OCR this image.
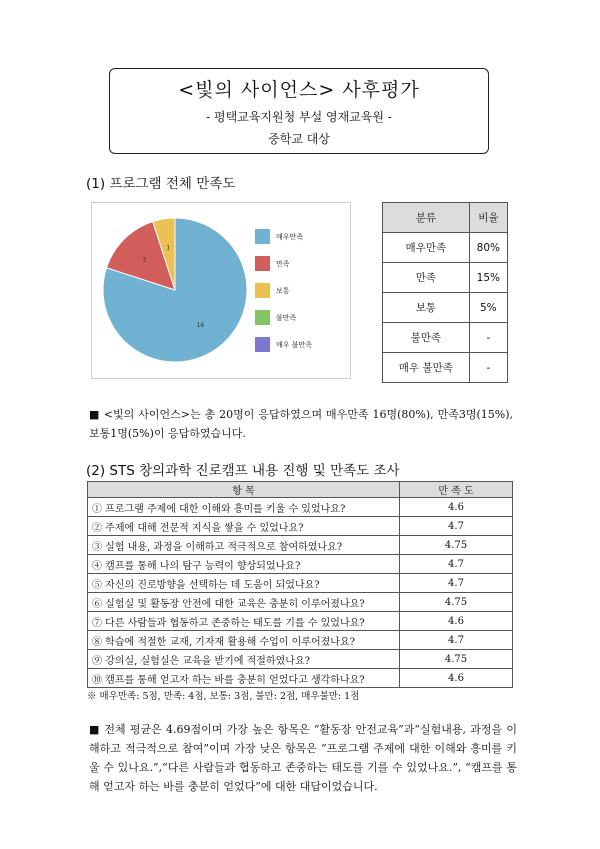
<빛의 사이언스> 사후평가
- 평택교육지원청 부설 영재교육원 -
중학교 대상
(1) 프로그램 전체 만족도
16
3
1
매우만족
만족
보통
불만족
매우 불만족
분류	비율
매우만족	80%
만족	15%
보통	5%
불만족	-
매우 불만족	-
■ <빛의 사이언스>는 총 20명이 응답하였으며 매우만족 16명(80%), 만족3명(15%), 보통1명(5%)이 응답하였습니다.
(2) STS 창의과학 진로캠프 내용 진행 및 만족도 조사
항 목	만 족 도
① 프로그램 주제에 대한 이해와 흥미를 키울 수 있었나요?	4.6
② 주제에 대해 전문적 지식을 쌓을 수 있었나요?	4.7
③ 실험 내용, 과정을 이해하고 적극적으로 참여하였나요?	4.75
④ 캠프를 통해 나의 탐구 능력이 향상되었나요?	4.7
⑤ 자신의 진로방향을 선택하는 데 도움이 되었나요?	4.7
⑥ 실험실 및 활동장 안전에 대한 교육은 충분히 이루어졌나요?	4.75
⑦ 다른 사람들과 협동하고 존중하는 태도를 기를 수 있었나요?	4.6
⑧ 학습에 적절한 교재, 기자재 활용해 수업이 이루어졌나요?	4.7
⑨ 강의실, 실험실은 교육을 받기에 적절하였나요?	4.75
⑩ 캠프를 통해 얻고자 하는 바를 충분히 얻었다고 생각하나요?	4.6
※ 매우만족: 5점, 만족: 4점, 보통: 3점, 불만: 2점, 매우불만: 1점
■ 전체 평균은 4.69점이며 가장 높은 항목은 “활동장 안전교육”과“실험내용, 과정을 이해하고 적극적으로 참여”이며 가장 낮은 항목은 “프로그램 주제에 대한 이해와 흥미를 키울 수 있나요.”,“다른 사람들과 협동하고 존중하는 태도를 기를 수 있었나요.”, “캠프를 통해 얻고자 하는 바를 충분히 얻었다”에 대한 대답이었습니다.
